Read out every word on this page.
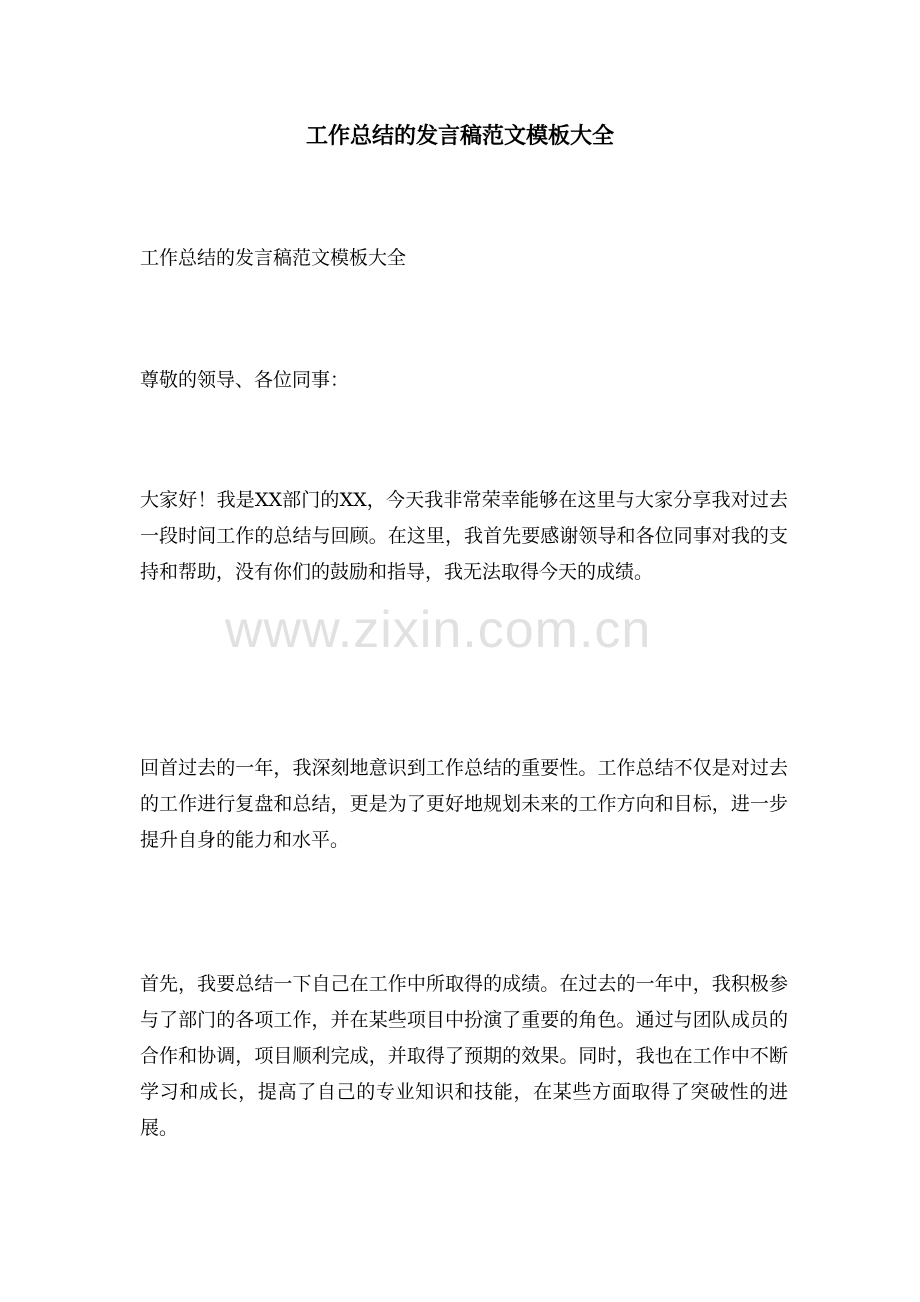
工作总结的发言稿范文模板大全

工作总结的发言稿范文模板大全

尊敬的领导、各位同事：

大家好！我是XX部门的XX，今天我非常荣幸能够在这里与大家分享我对过去一段时间工作的总结与回顾。在这里，我首先要感谢领导和各位同事对我的支持和帮助，没有你们的鼓励和指导，我无法取得今天的成绩。

回首过去的一年，我深刻地意识到工作总结的重要性。工作总结不仅是对过去的工作进行复盘和总结，更是为了更好地规划未来的工作方向和目标，进一步提升自身的能力和水平。

首先，我要总结一下自己在工作中所取得的成绩。在过去的一年中，我积极参与了部门的各项工作，并在某些项目中扮演了重要的角色。通过与团队成员的合作和协调，项目顺利完成，并取得了预期的效果。同时，我也在工作中不断学习和成长，提高了自己的专业知识和技能，在某些方面取得了突破性的进展。

www.zixin.com.cn
